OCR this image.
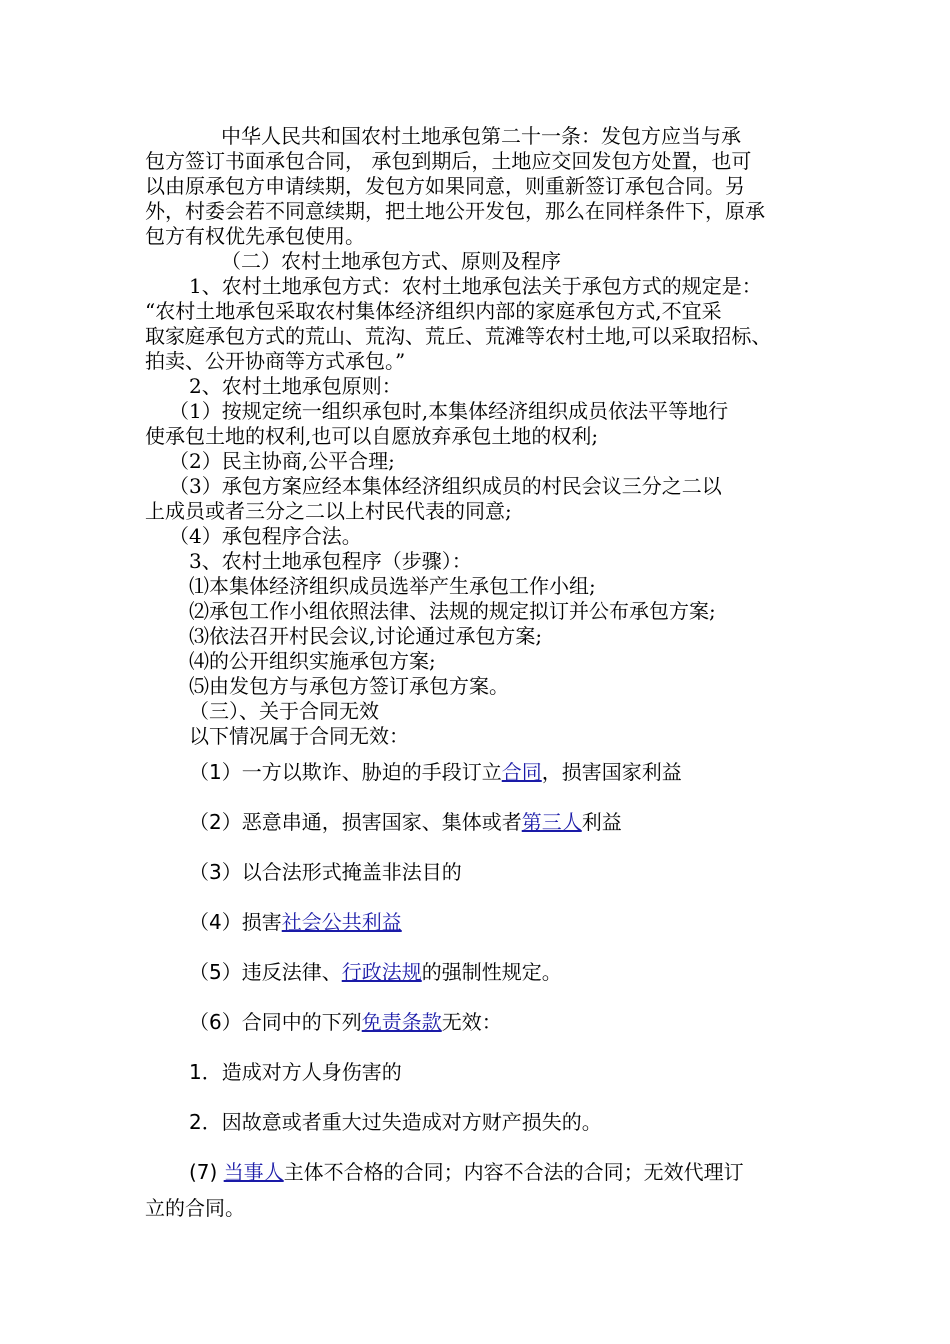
中华人民共和国农村土地承包第二十一条：发包方应当与承
包方签订书面承包合同， 承包到期后，土地应交回发包方处置，也可
以由原承包方申请续期，发包方如果同意，则重新签订承包合同。另
外，村委会若不同意续期，把土地公开发包，那么在同样条件下，原承
包方有权优先承包使用。
（二）农村土地承包方式、原则及程序
1、农村土地承包方式：农村土地承包法关于承包方式的规定是：
“农村土地承包采取农村集体经济组织内部的家庭承包方式,不宜采
取家庭承包方式的荒山、荒沟、荒丘、荒滩等农村土地,可以采取招标、
拍卖、公开协商等方式承包。”
2、农村土地承包原则：
（1）按规定统一组织承包时,本集体经济组织成员依法平等地行
使承包土地的权利,也可以自愿放弃承包土地的权利;
（2）民主协商,公平合理;
（3）承包方案应经本集体经济组织成员的村民会议三分之二以
上成员或者三分之二以上村民代表的同意;
（4）承包程序合法。
3、农村土地承包程序（步骤）：
⑴本集体经济组织成员选举产生承包工作小组;
⑵承包工作小组依照法律、法规的规定拟订并公布承包方案;
⑶依法召开村民会议,讨论通过承包方案;
⑷的公开组织实施承包方案;
⑸由发包方与承包方签订承包方案。
（三）、关于合同无效
以下情况属于合同无效：
（1）一方以欺诈、胁迫的手段订立合同，损害国家利益
（2）恶意串通，损害国家、集体或者第三人利益
（3）以合法形式掩盖非法目的
（4）损害社会公共利益
（5）违反法律、行政法规的强制性规定。
（6）合同中的下列免责条款无效：
1．造成对方人身伤害的
2．因故意或者重大过失造成对方财产损失的。
(7) 当事人主体不合格的合同；内容不合法的合同；无效代理订
立的合同。
